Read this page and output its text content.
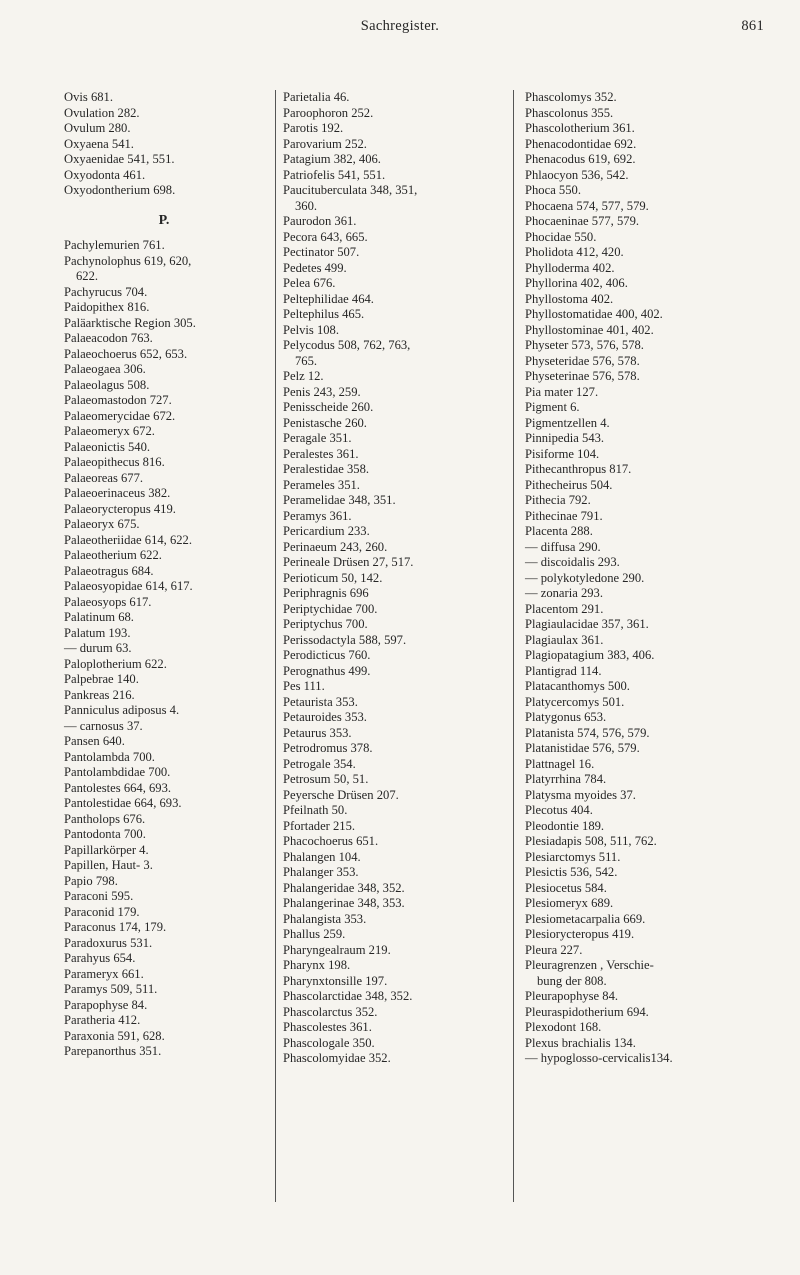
Sachregister.	861
Ovis 681.
Ovulation 282.
Ovulum 280.
Oxyaena 541.
Oxyaenidae 541, 551.
Oxyodonta 461.
Oxyodontherium 698.
P.
Pachylemurien 761.
Pachynolophus 619, 620,
622.
Pachyrucus 704.
Paidopithex 816.
Paläarktische Region 305.
Palaeacodon 763.
Palaeochoerus 652, 653.
Palaeogaea 306.
Palaeolagus 508.
Palaeomastodon 727.
Palaeomerycidae 672.
Palaeomeryx 672.
Palaeonictis 540.
Palaeopithecus 816.
Palaeoreas 677.
Palaeoerinaceus 382.
Palaeoryсteropus 419.
Palaeoryx 675.
Palaeotheriidae 614, 622.
Palaeotherium 622.
Palaeotragus 684.
Palaeosyopidae 614, 617.
Palaeosyops 617.
Palatinum 68.
Palatum 193.
— durum 63.
Paloplotherium 622.
Palpebrae 140.
Pankreas 216.
Panniculus adiposus 4.
— carnosus 37.
Pansen 640.
Pantolambda 700.
Pantolambdidae 700.
Pantolestes 664, 693.
Pantolestidae 664, 693.
Pantholops 676.
Pantodonta 700.
Papillarkörper 4.
Papillen, Haut- 3.
Papio 798.
Paraconi 595.
Paraconid 179.
Paraconus 174, 179.
Paradoxurus 531.
Parahyus 654.
Parameryx 661.
Paramys 509, 511.
Parapophyse 84.
Paratheria 412.
Paraxonia 591, 628.
Parepanorthus 351.
Parietalia 46.
Paroophoron 252.
Parotis 192.
Parovarium 252.
Patagium 382, 406.
Patriofelis 541, 551.
Paucituberculata 348, 351,
360.
Paurodon 361.
Pecora 643, 665.
Pectinator 507.
Pedetes 499.
Pelea 676.
Peltephilidae 464.
Peltephilus 465.
Pelvis 108.
Pelycodus 508, 762, 763,
765.
Pelz 12.
Penis 243, 259.
Penisscheide 260.
Penistasche 260.
Peragale 351.
Peralestes 361.
Peralestidae 358.
Perameles 351.
Peramelidae 348, 351.
Peramys 361.
Pericardium 233.
Perinaeum 243, 260.
Perineale Drüsen 27, 517.
Perioticum 50, 142.
Periphragnis 696
Periptychidae 700.
Periptychus 700.
Perissodactyla 588, 597.
Perodicticus 760.
Perognathus 499.
Pes 111.
Petaurista 353.
Petauroides 353.
Petaurus 353.
Petrodromus 378.
Petrogale 354.
Petrosum 50, 51.
Peyersche Drüsen 207.
Pfeilnath 50.
Pfortader 215.
Phacochoerus 651.
Phalangen 104.
Phalanger 353.
Phalangeridae 348, 352.
Phalangerinae 348, 353.
Phalangista 353.
Phallus 259.
Pharyngealraum 219.
Pharynx 198.
Pharynxtonsille 197.
Phascolarctidae 348, 352.
Phascolarctus 352.
Phascolestes 361.
Phascologale 350.
Phascolomyidae 352.
Phascolomys 352.
Phascolonus 355.
Phascolotherium 361.
Phenacodontidae 692.
Phenacodus 619, 692.
Phlaocyon 536, 542.
Phoca 550.
Phocaena 574, 577, 579.
Phocaeninae 577, 579.
Phocidae 550.
Pholidota 412, 420.
Phylloderma 402.
Phyllorina 402, 406.
Phyllostoma 402.
Phyllostomatidae 400, 402.
Phyllostominae 401, 402.
Physeter 573, 576, 578.
Physeteridae 576, 578.
Physeterinae 576, 578.
Pia mater 127.
Pigment 6.
Pigmentzellen 4.
Pinnipedia 543.
Pisiforme 104.
Pithecanthropus 817.
Pithecheirus 504.
Pithecia 792.
Pithecinae 791.
Placenta 288.
— diffusa 290.
— discoidalis 293.
— polykotyledone 290.
— zonaria 293.
Placentom 291.
Plagiaulacidae 357, 361.
Plagiaulax 361.
Plagiopatagium 383, 406.
Plantigrad 114.
Platacanthomys 500.
Platycercomys 501.
Platygonus 653.
Platanista 574, 576, 579.
Platanistidae 576, 579.
Plattnagel 16.
Platyrrhina 784.
Platysma myoides 37.
Plecotus 404.
Pleodontie 189.
Plesiadapis 508, 511, 762.
Plesiarctomys 511.
Plesictis 536, 542.
Plesiocetus 584.
Plesiomeryx 689.
Plesiometacarpalia 669.
Plesioryсteropus 419.
Pleura 227.
Pleuragrenzen , Verschie-
bung der 808.
Pleurapophyse 84.
Pleuraspidotherium 694.
Plexodont 168.
Plexus brachialis 134.
— hypoglosso-cervicalis134.
